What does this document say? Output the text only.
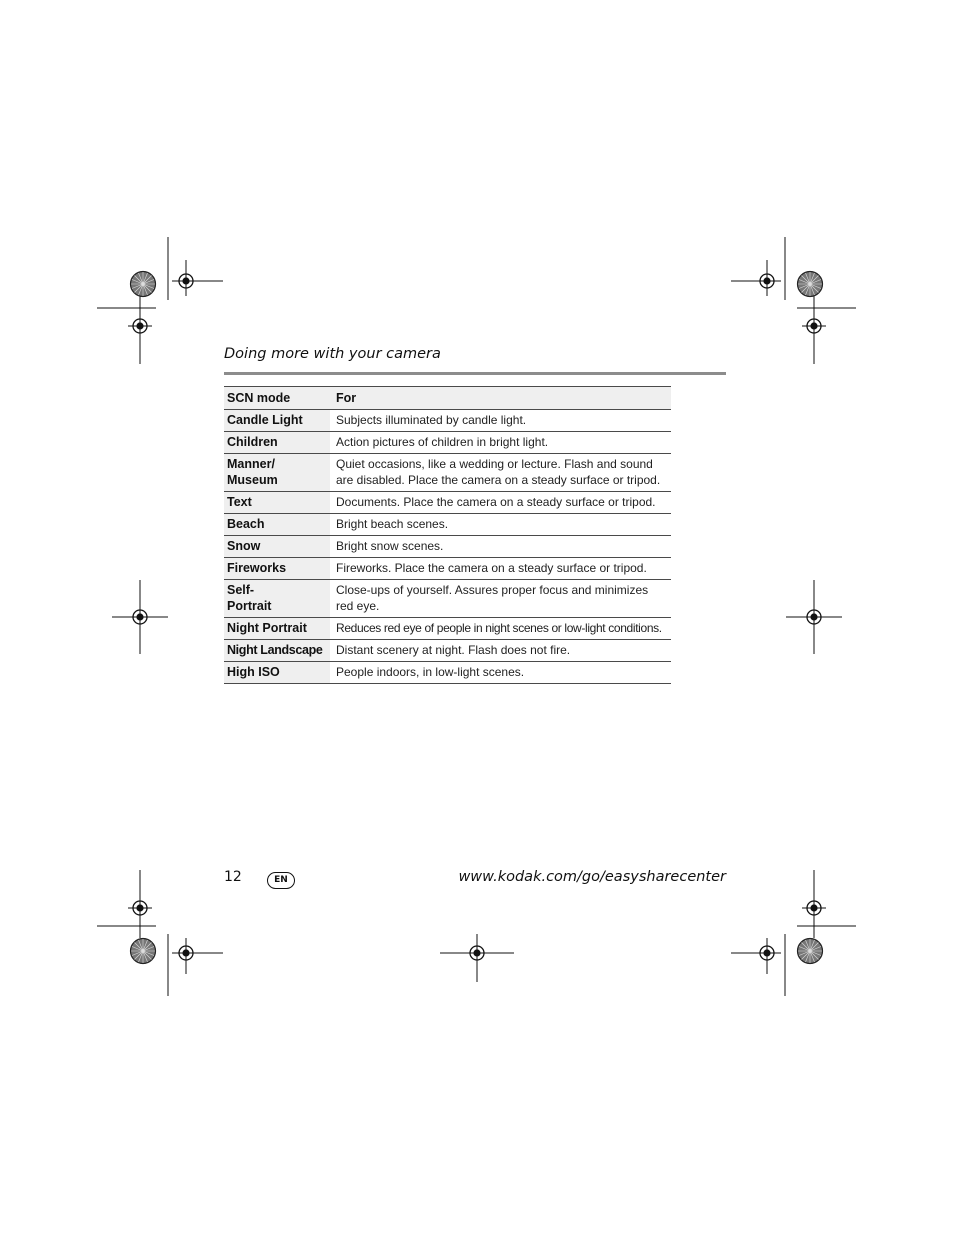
Doing more with your camera
SCN mode	For
Candle Light	Subjects illuminated by candle light.
Children	Action pictures of children in bright light.
Manner/
Museum	Quiet occasions, like a wedding or lecture. Flash and sound are disabled. Place the camera on a steady surface or tripod.
Text	Documents. Place the camera on a steady surface or tripod.
Beach	Bright beach scenes.
Snow	Bright snow scenes.
Fireworks	Fireworks. Place the camera on a steady surface or tripod.
Self-
Portrait	Close-ups of yourself. Assures proper focus and minimizes red eye.
Night Portrait	Reduces red eye of people in night scenes or low-light conditions.
Night Landscape	Distant scenery at night. Flash does not fire.
High ISO	People indoors, in low-light scenes.
12	EN	www.kodak.com/go/easysharecenter
